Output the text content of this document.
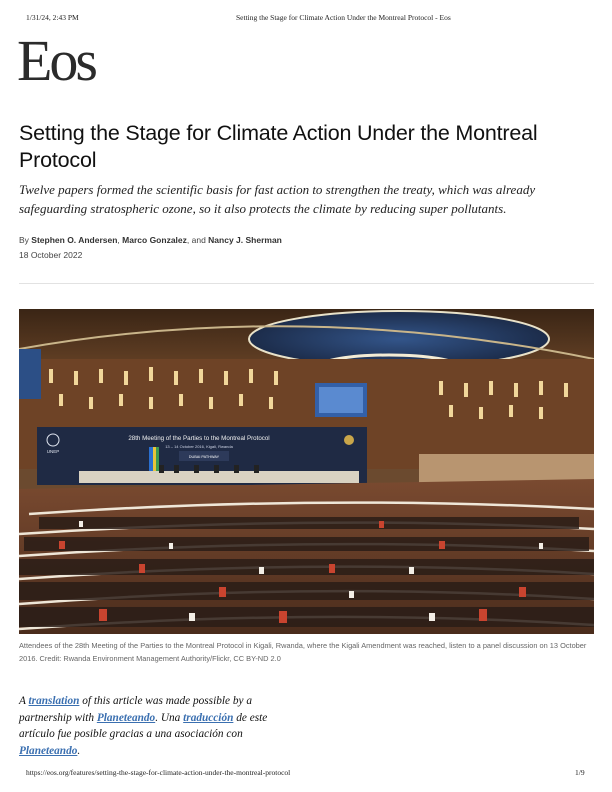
1/31/24, 2:43 PM	Setting the Stage for Climate Action Under the Montreal Protocol - Eos
Eos
Setting the Stage for Climate Action Under the Montreal Protocol

Twelve papers formed the scientific basis for fast action to strengthen the treaty, which was already safeguarding stratospheric ozone, so it also protects the climate by reducing super pollutants.

By Stephen O. Andersen, Marco Gonzalez, and Nancy J. Sherman
18 October 2022
28th Meeting of the Parties to the Montreal Protocol
13 – 14 October 2016, Kigali, Rwanda
UNEP
DUBAI PATHWAY

Attendees of the 28th Meeting of the Parties to the Montreal Protocol in Kigali, Rwanda, where the Kigali Amendment was reached, listen to a panel discussion on 13 October 2016. Credit: Rwanda Environment Management Authority/Flickr, CC BY-ND 2.0

A translation of this article was made possible by a partnership with Planeteando. Una traducción de este artículo fue posible gracias a una asociación con Planeteando.

https://eos.org/features/setting-the-stage-for-climate-action-under-the-montreal-protocol	1/9
